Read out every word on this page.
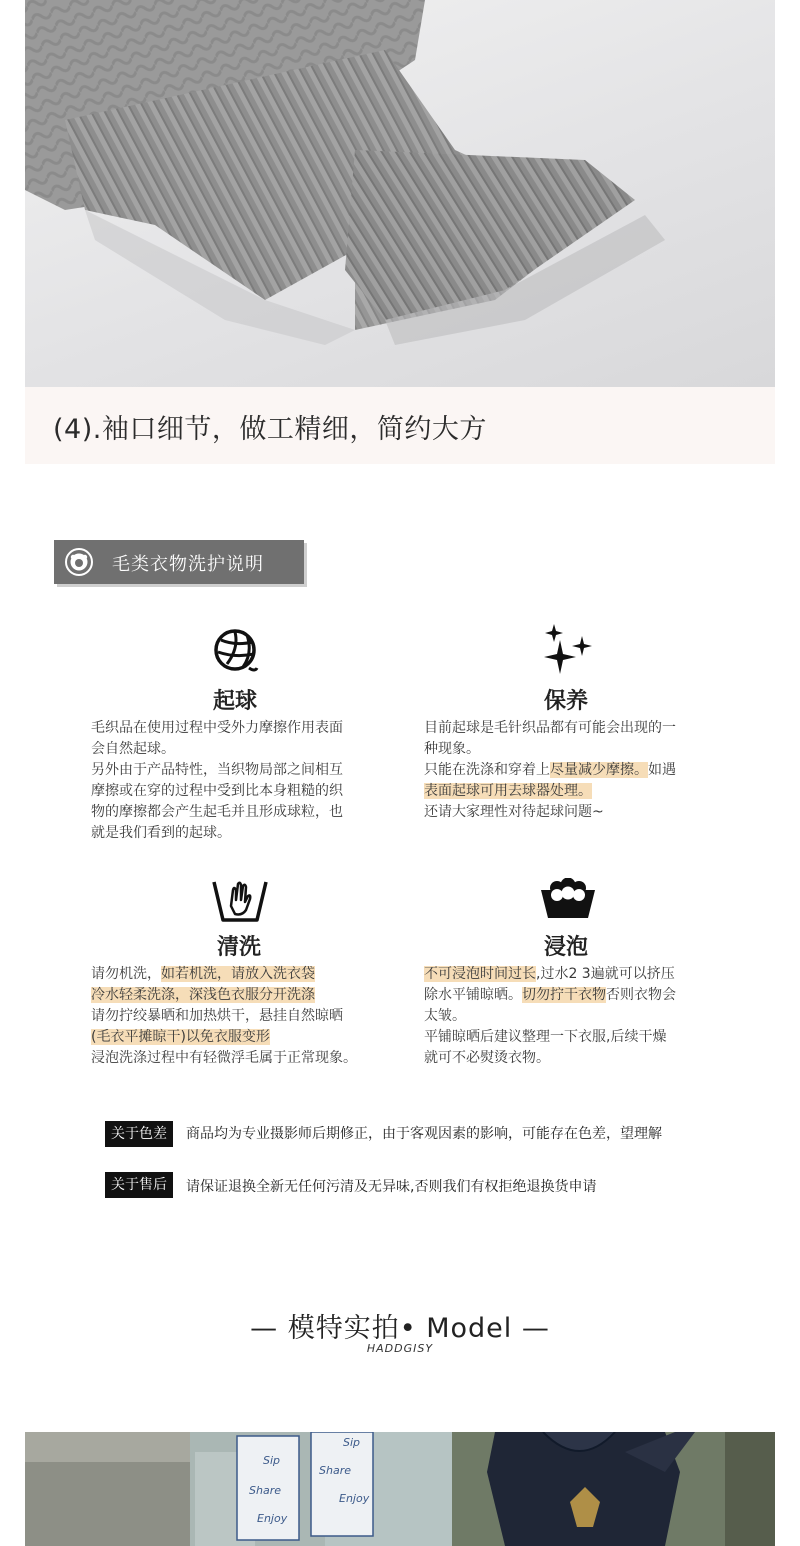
(4).袖口细节，做工精细，简约大方
毛类衣物洗护说明
起球
毛织品在使用过程中受外力摩擦作用表面
会自然起球。
另外由于产品特性，当织物局部之间相互
摩擦或在穿的过程中受到比本身粗糙的织
物的摩擦都会产生起毛并且形成球粒，也
就是我们看到的起球。
保养
目前起球是毛针织品都有可能会出现的一
种现象。
只能在洗涤和穿着上尽量减少摩擦。如遇
表面起球可用去球器处理。
还请大家理性对待起球问题~
清洗
请勿机洗，如若机洗，请放入洗衣袋
冷水轻柔洗涤，深浅色衣服分开洗涤
请勿拧绞暴晒和加热烘干，悬挂自然晾晒
(毛衣平摊晾干)以免衣服变形
浸泡洗涤过程中有轻微浮毛属于正常现象。
浸泡
不可浸泡时间过长,过水2 3遍就可以挤压
除水平铺晾晒。切勿拧干衣物否则衣物会
太皱。
平铺晾晒后建议整理一下衣服,后续干燥
就可不必熨烫衣物。
关于色差	商品均为专业摄影师后期修正，由于客观因素的影响，可能存在色差，望理解
关于售后	请保证退换全新无任何污清及无异味,否则我们有权拒绝退换货申请
— 模特实拍• Model —
HADDGISY
Sip
Share
Enjoy
Sip
Share
Enjoy
